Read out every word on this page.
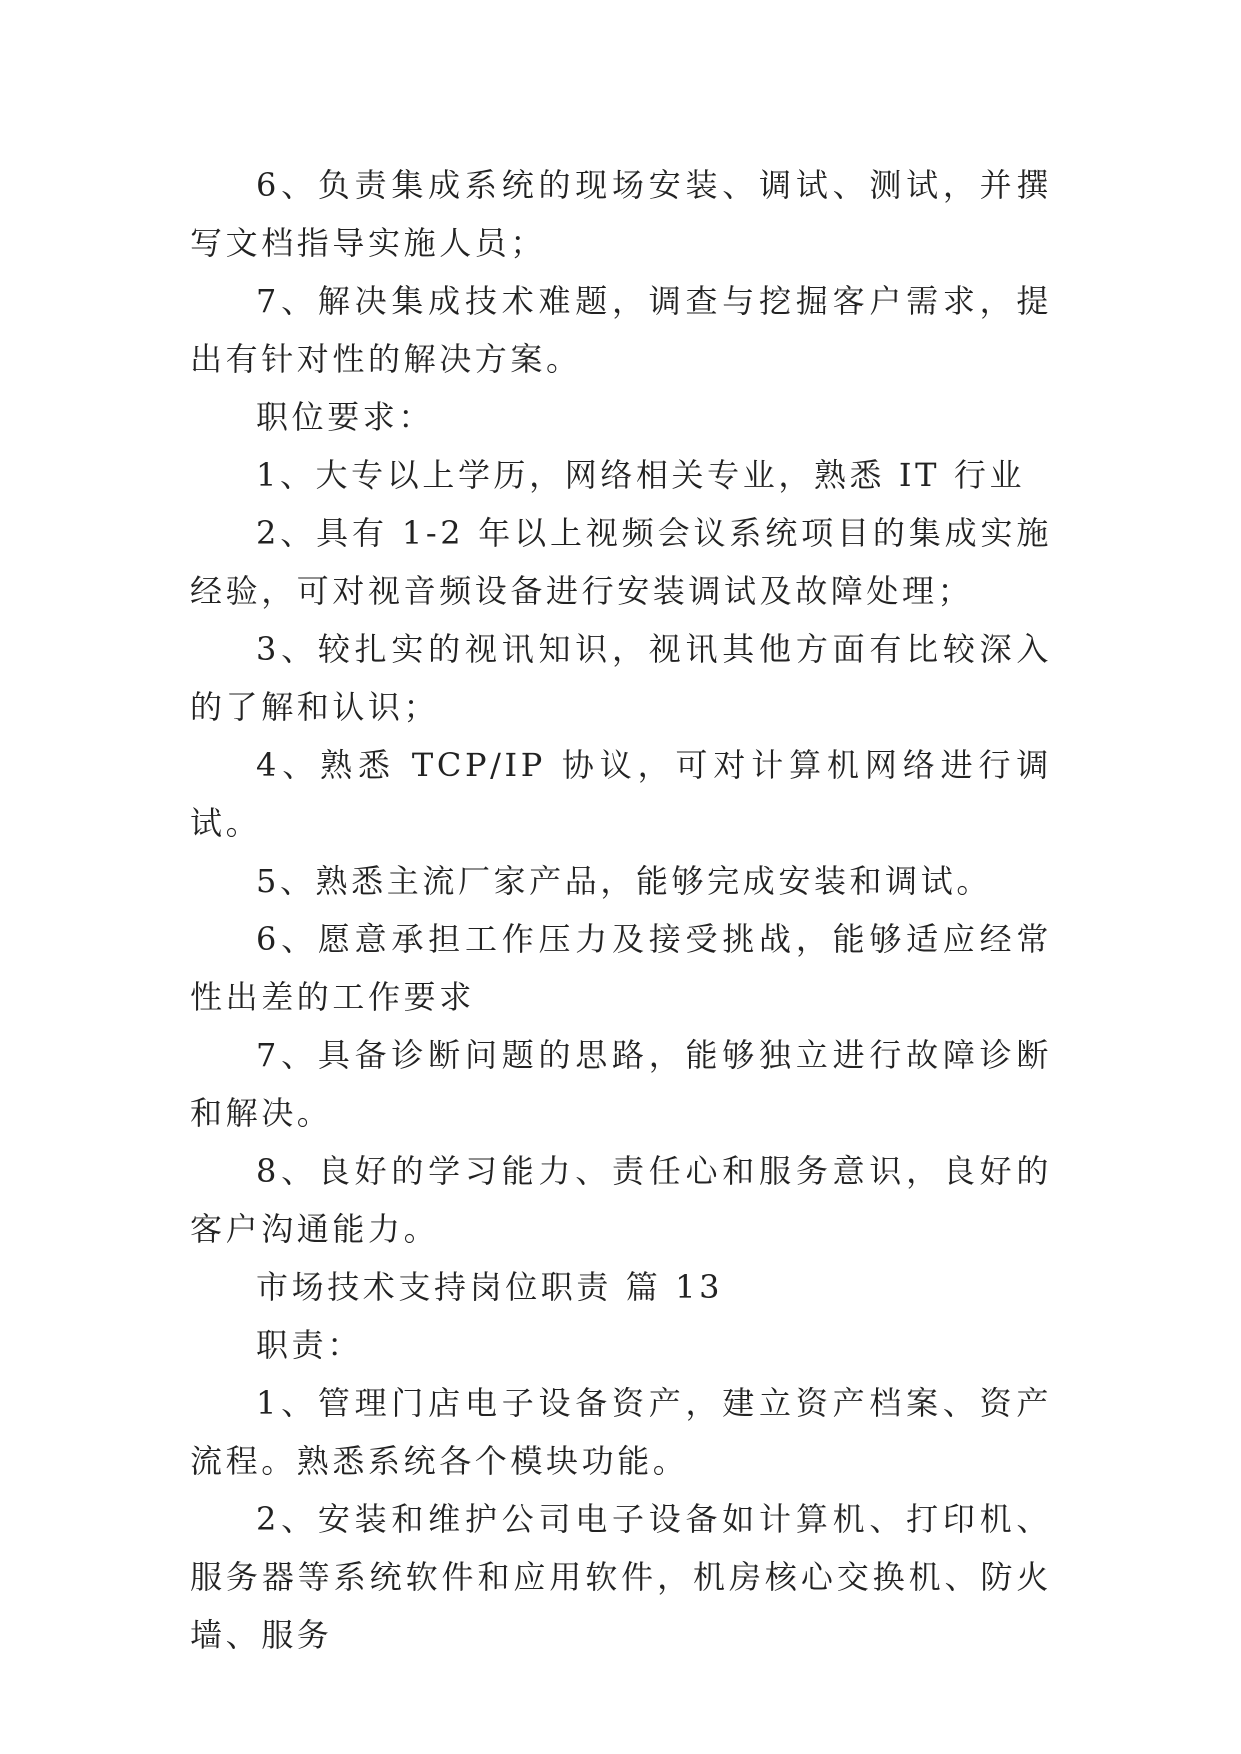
6、负责集成系统的现场安装、调试、测试，并撰写文档指导实施人员；

7、解决集成技术难题，调查与挖掘客户需求，提出有针对性的解决方案。

职位要求：

1、大专以上学历，网络相关专业，熟悉 IT 行业

2、具有 1-2 年以上视频会议系统项目的集成实施经验，可对视音频设备进行安装调试及故障处理；

3、较扎实的视讯知识，视讯其他方面有比较深入的了解和认识；

4、熟悉 TCP/IP 协议，可对计算机网络进行调试。

5、熟悉主流厂家产品，能够完成安装和调试。

6、愿意承担工作压力及接受挑战，能够适应经常性出差的工作要求

7、具备诊断问题的思路，能够独立进行故障诊断和解决。

8、良好的学习能力、责任心和服务意识，良好的客户沟通能力。

市场技术支持岗位职责 篇 13

职责：

1、管理门店电子设备资产，建立资产档案、资产流程。熟悉系统各个模块功能。

2、安装和维护公司电子设备如计算机、打印机、服务器等系统软件和应用软件，机房核心交换机、防火墙、服务
